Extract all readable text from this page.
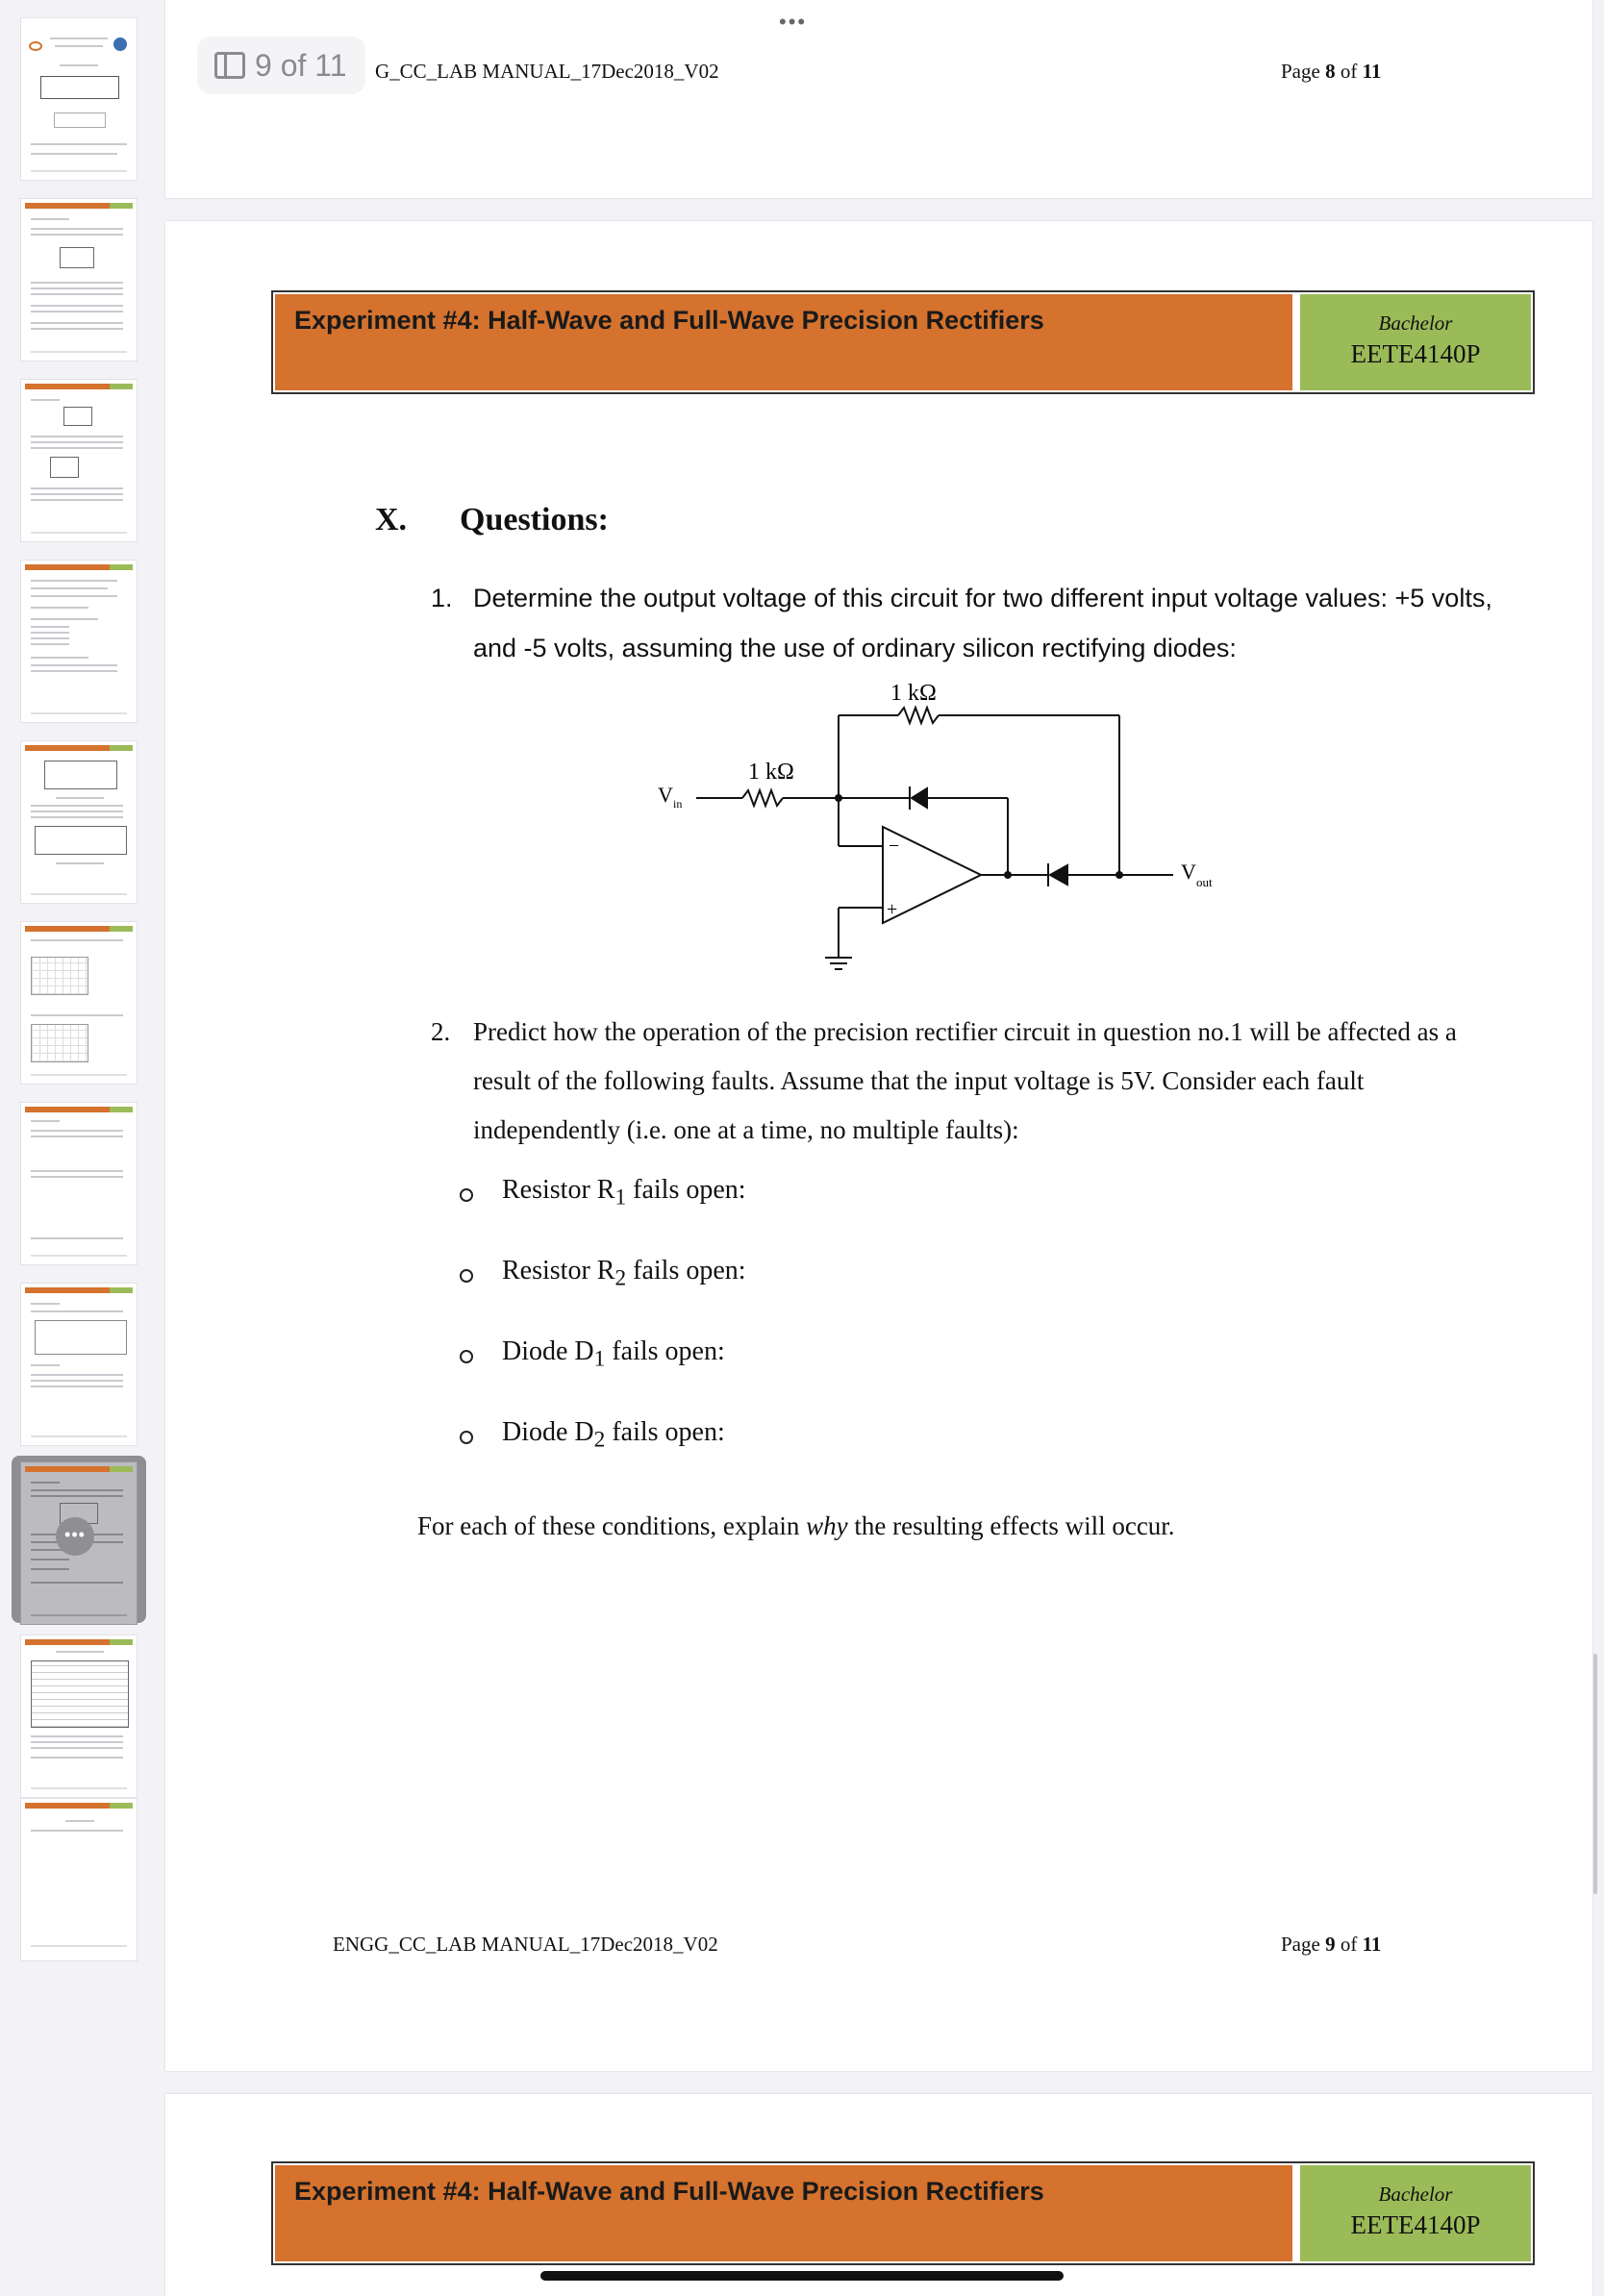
•••
G_CC_LAB MANUAL_17Dec2018_V02	Page 8 of 11
•••
9 of 11
Experiment #4: Half-Wave and Full-Wave Precision Rectifiers	Bachelor
EETE4140P
X. Questions:
1. Determine the output voltage of this circuit for two different input voltage values: +5 volts, and -5 volts, assuming the use of ordinary silicon rectifying diodes:
1 kΩ
1 kΩ
V in
V out
−
+
2. Predict how the operation of the precision rectifier circuit in question no.1 will be affected as a result of the following faults. Assume that the input voltage is 5V. Consider each fault independently (i.e. one at a time, no multiple faults):
Resistor $R_1$ fails open:
Resistor $R_2$ fails open:
Diode $D_1$ fails open:
Diode $D_2$ fails open:
For each of these conditions, explain why the resulting effects will occur.
ENGG_CC_LAB MANUAL_17Dec2018_V02	Page 9 of 11
Experiment #4: Half-Wave and Full-Wave Precision Rectifiers	Bachelor
EETE4140P
